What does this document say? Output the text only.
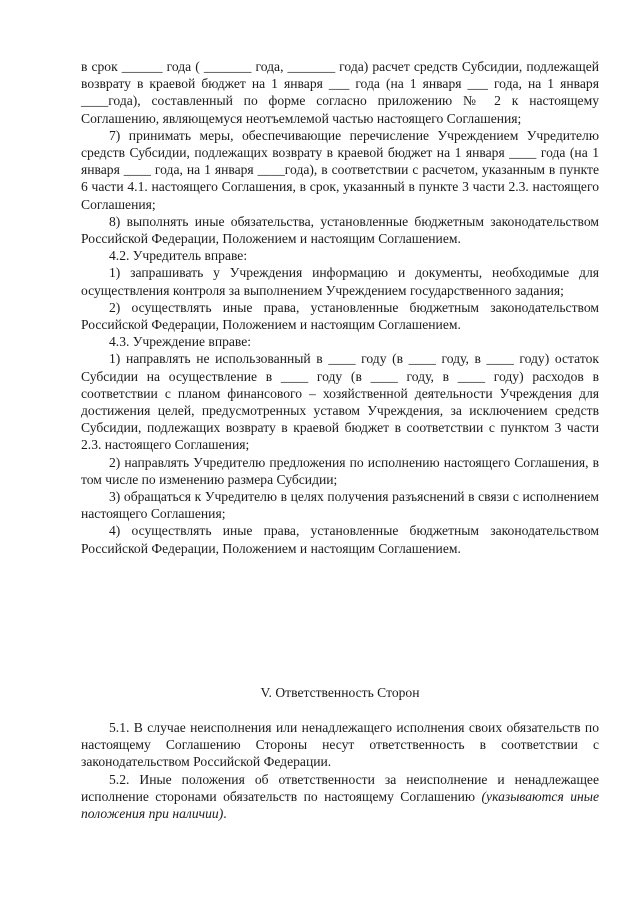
в срок ______ года ( _______ года, _______ года) расчет средств Субсидии, подлежащей возврату в краевой бюджет на 1 января ___ года (на 1 января ___ года, на 1 января ____года), составленный по форме согласно приложению № 2 к настоящему Соглашению, являющемуся неотъемлемой частью настоящего Соглашения;

7) принимать меры, обеспечивающие перечисление Учреждением Учредителю средств Субсидии, подлежащих возврату в краевой бюджет на 1 января ____ года (на 1 января ____ года, на 1 января ____года), в соответствии с расчетом, указанным в пункте 6 части 4.1. настоящего Соглашения, в срок, указанный в пункте 3 части 2.3. настоящего Соглашения;

8) выполнять иные обязательства, установленные бюджетным законодательством Российской Федерации, Положением и настоящим Соглашением.

4.2. Учредитель вправе:

1) запрашивать у Учреждения информацию и документы, необходимые для осуществления контроля за выполнением Учреждением государственного задания;

2) осуществлять иные права, установленные бюджетным законодательством Российской Федерации, Положением и настоящим Соглашением.

4.3. Учреждение вправе:

1) направлять не использованный в ____ году (в ____ году, в ____ году) остаток Субсидии на осуществление в ____ году (в ____ году, в ____ году) расходов в соответствии с планом финансового – хозяйственной деятельности Учреждения для достижения целей, предусмотренных уставом Учреждения, за исключением средств Субсидии, подлежащих возврату в краевой бюджет в соответствии с пунктом 3 части 2.3. настоящего Соглашения;

2) направлять Учредителю предложения по исполнению настоящего Соглашения, в том числе по изменению размера Субсидии;

3) обращаться к Учредителю в целях получения разъяснений в связи с исполнением настоящего Соглашения;

4) осуществлять иные права, установленные бюджетным законодательством Российской Федерации, Положением и настоящим Соглашением.

V. Ответственность Сторон

5.1. В случае неисполнения или ненадлежащего исполнения своих обязательств по настоящему Соглашению Стороны несут ответственность в соответствии с законодательством Российской Федерации.

5.2. Иные положения об ответственности за неисполнение и ненадлежащее исполнение сторонами обязательств по настоящему Соглашению (указываются иные положения при наличии).
